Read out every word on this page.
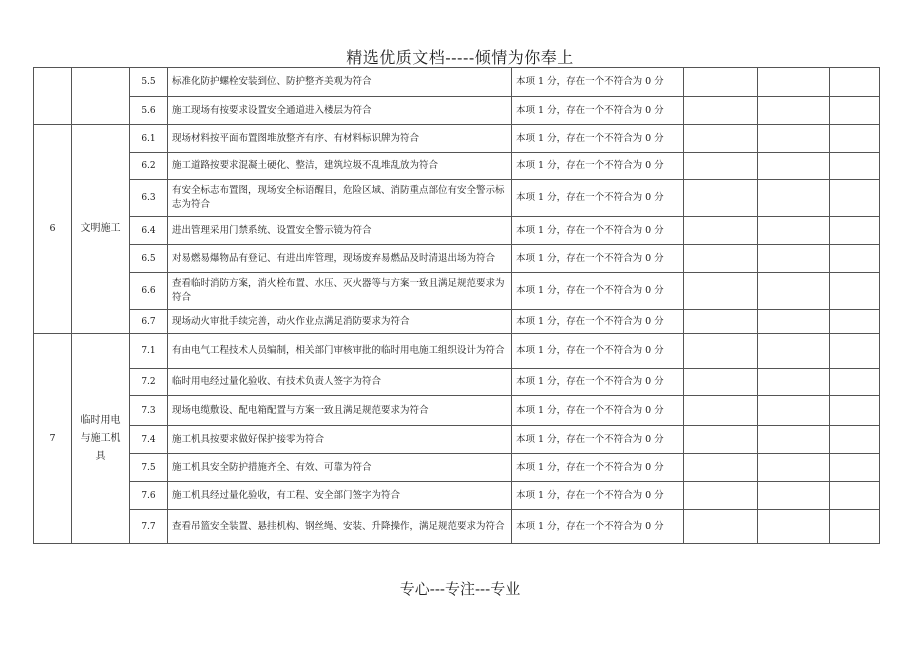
精选优质文档-----倾情为你奉上
		5.5	标准化防护螺栓安装到位、防护整齐美观为符合	本项 1 分，存在一个不符合为 0 分			
		5.6	施工现场有按要求设置安全通道进入楼层为符合	本项 1 分，存在一个不符合为 0 分			
6	文明施工	6.1	现场材料按平面布置图堆放整齐有序、有材料标识牌为符合	本项 1 分，存在一个不符合为 0 分			
		6.2	施工道路按要求混凝土硬化、整洁，建筑垃圾不乱堆乱放为符合	本项 1 分，存在一个不符合为 0 分			
		6.3	有安全标志布置图，现场安全标语醒目，危险区域、消防重点部位有安全警示标志为符合	本项 1 分，存在一个不符合为 0 分			
		6.4	进出管理采用门禁系统、设置安全警示镜为符合	本项 1 分，存在一个不符合为 0 分			
		6.5	对易燃易爆物品有登记、有进出库管理，现场废弃易燃品及时清退出场为符合	本项 1 分，存在一个不符合为 0 分			
		6.6	查看临时消防方案，消火栓布置、水压、灭火器等与方案一致且满足规范要求为符合	本项 1 分，存在一个不符合为 0 分			
		6.7	现场动火审批手续完善，动火作业点满足消防要求为符合	本项 1 分，存在一个不符合为 0 分			
7	临时用电与施工机具	7.1	有由电气工程技术人员编制，相关部门审核审批的临时用电施工组织设计为符合	本项 1 分，存在一个不符合为 0 分			
		7.2	临时用电经过量化验收、有技术负责人签字为符合	本项 1 分，存在一个不符合为 0 分			
		7.3	现场电缆敷设、配电箱配置与方案一致且满足规范要求为符合	本项 1 分，存在一个不符合为 0 分			
		7.4	施工机具按要求做好保护接零为符合	本项 1 分，存在一个不符合为 0 分			
		7.5	施工机具安全防护措施齐全、有效、可靠为符合	本项 1 分，存在一个不符合为 0 分			
		7.6	施工机具经过量化验收，有工程、安全部门签字为符合	本项 1 分，存在一个不符合为 0 分			
		7.7	查看吊篮安全装置、悬挂机构、钢丝绳、安装、升降操作，满足规范要求为符合	本项 1 分，存在一个不符合为 0 分			
专心---专注---专业
